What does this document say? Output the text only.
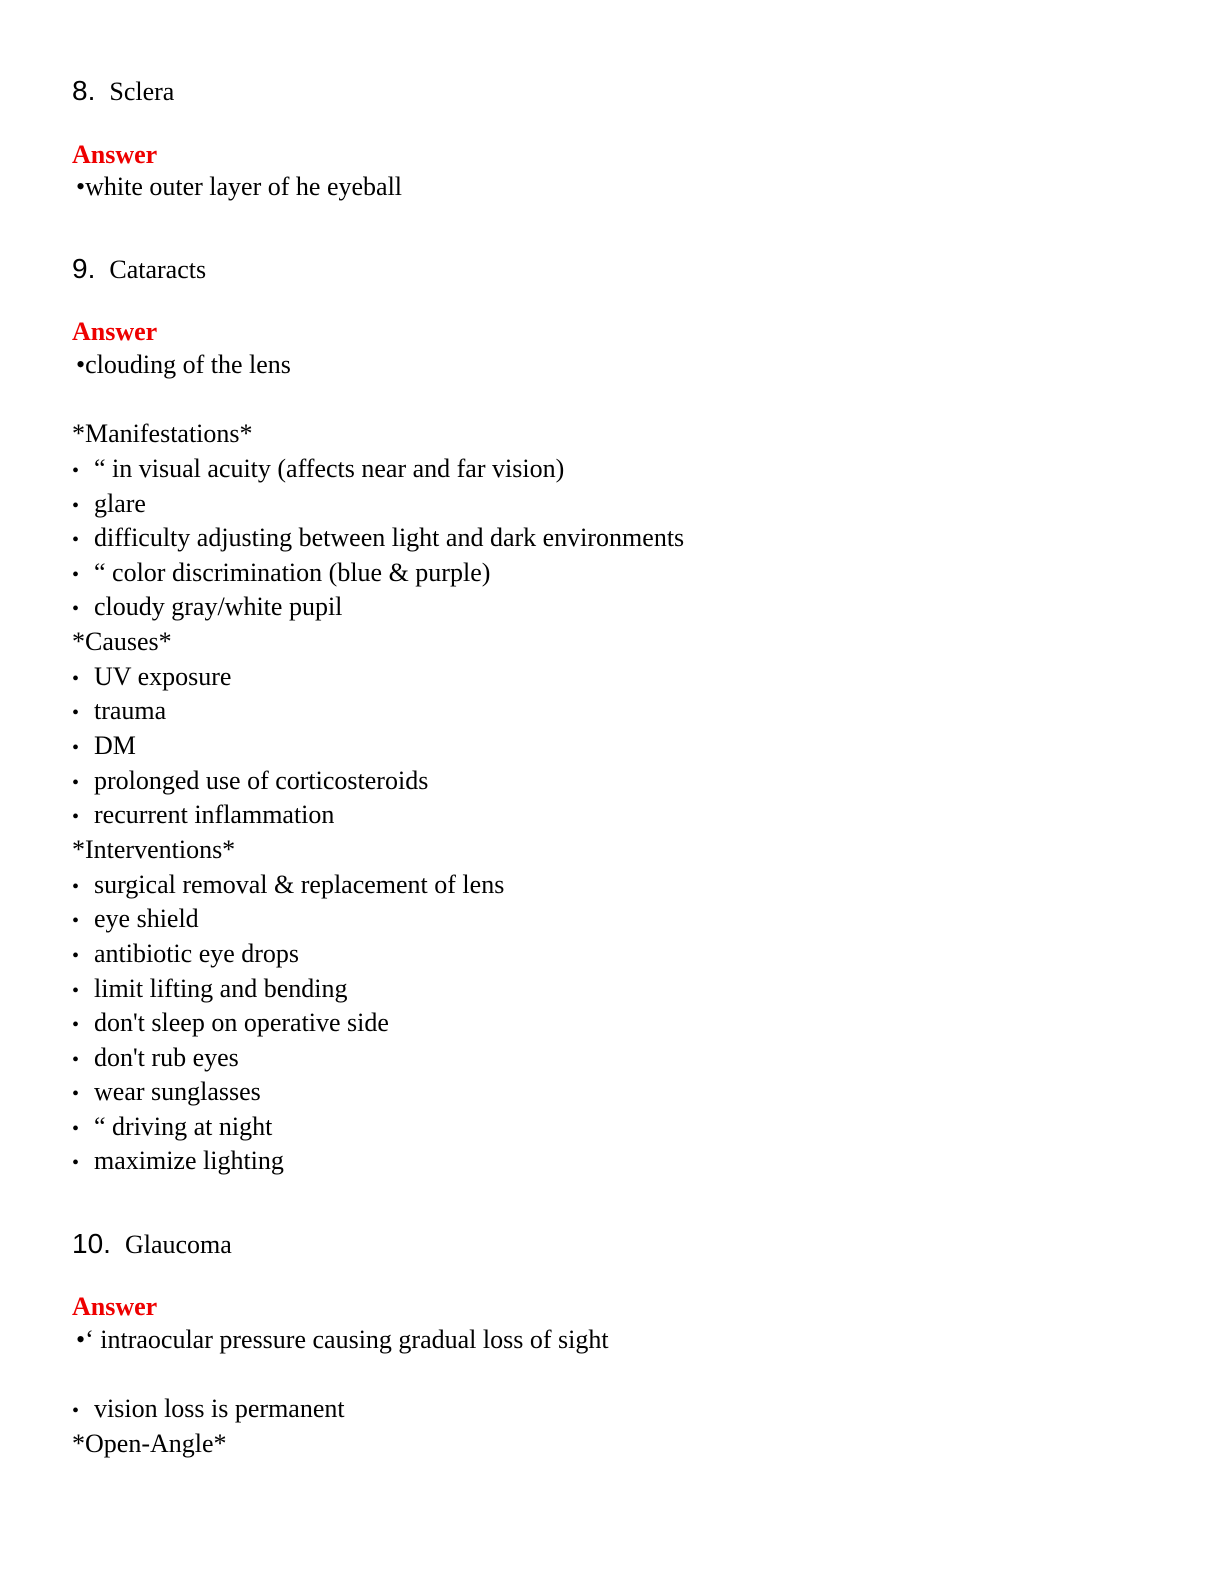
8. Sclera
Answer
•white outer layer of he eyeball
9. Cataracts
Answer
•clouding of the lens
*Manifestations*
• “ in visual acuity (affects near and far vision)
• glare
• difficulty adjusting between light and dark environments
• “ color discrimination (blue & purple)
• cloudy gray/white pupil
*Causes*
• UV exposure
• trauma
• DM
• prolonged use of corticosteroids
• recurrent inflammation
*Interventions*
• surgical removal & replacement of lens
• eye shield
• antibiotic eye drops
• limit lifting and bending
• don't sleep on operative side
• don't rub eyes
• wear sunglasses
• “ driving at night
• maximize lighting
10. Glaucoma
Answer
•‘ intraocular pressure causing gradual loss of sight
• vision loss is permanent
*Open-Angle*
